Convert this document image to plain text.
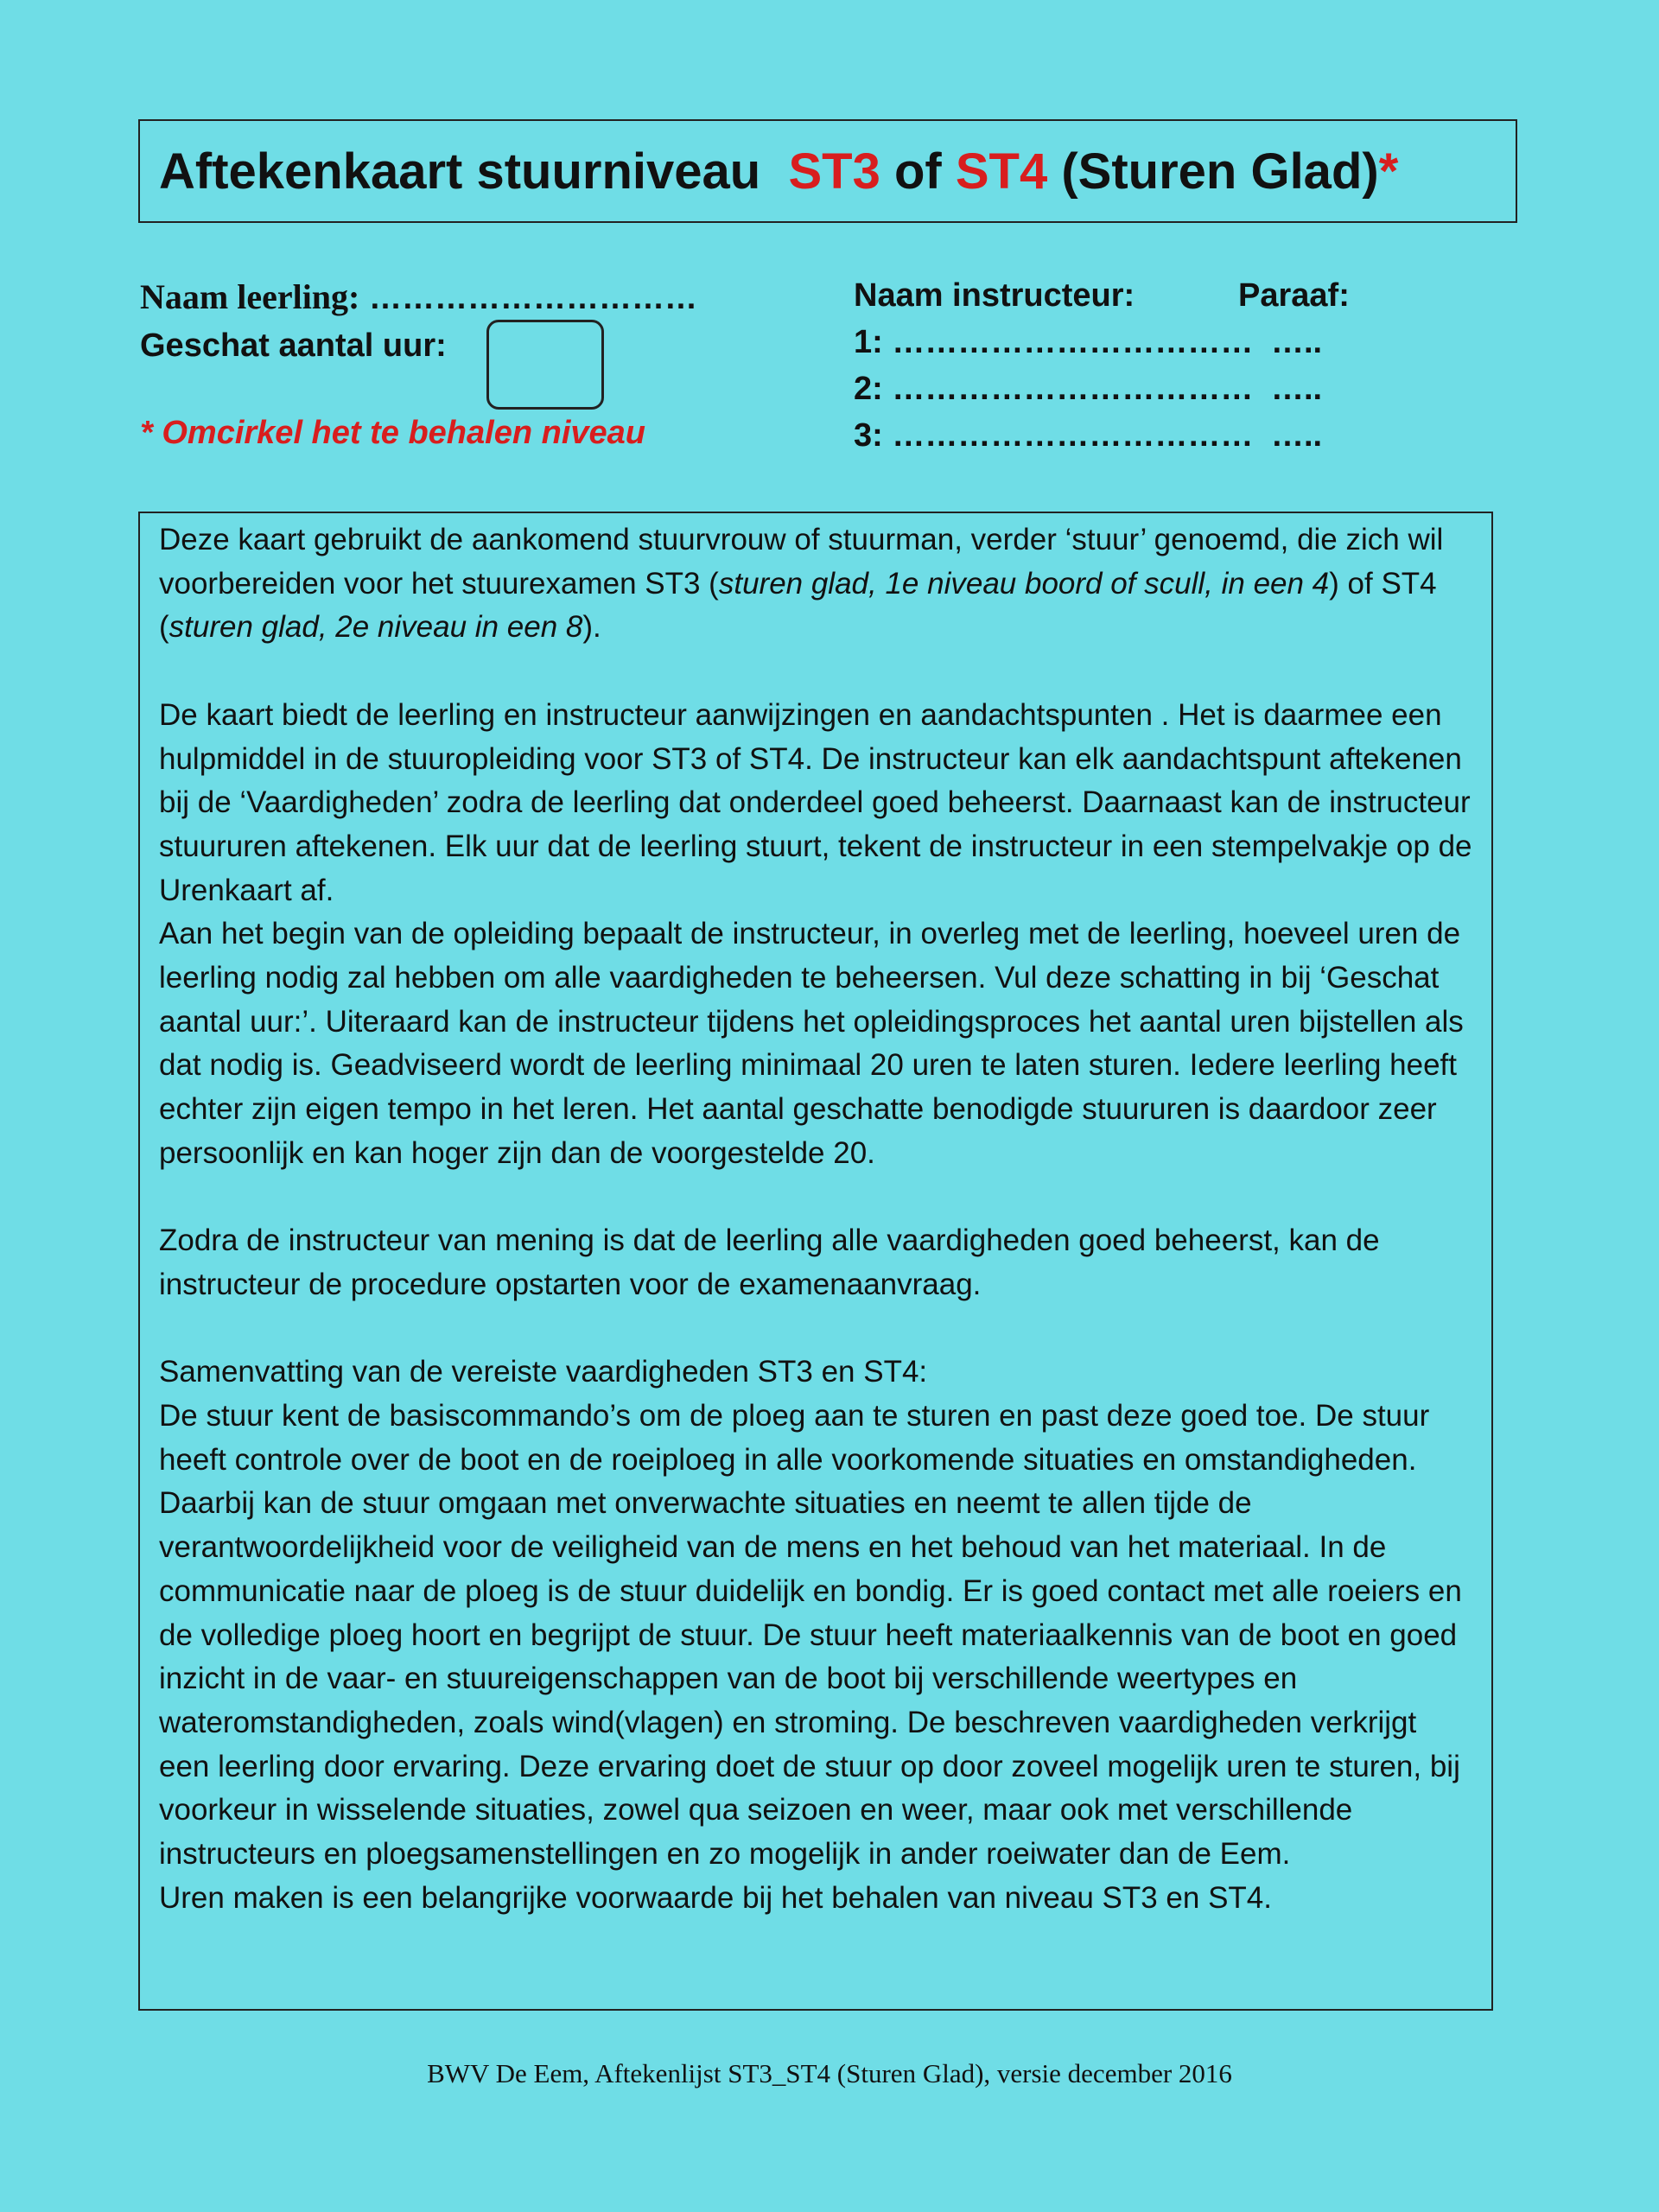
Aftekenkaart stuurniveau
ST3
of
ST4
(Sturen Glad) *
Naam leerling: …………………………
Geschat aantal uur:
* Omcirkel het te behalen niveau
Naam instructeur:	Paraaf:
1: …………………………… …..
2: …………………………… …..
3: …………………………… …..

Deze kaart gebruikt de aankomend stuurvrouw of stuurman, verder ‘stuur’ genoemd, die zich wil voorbereiden voor het stuurexamen ST3 (sturen glad, 1e niveau boord of scull, in een 4) of ST4 (sturen glad, 2e niveau in een 8).

De kaart biedt de leerling en instructeur aanwijzingen en aandachtspunten . Het is daarmee een hulpmiddel in de stuuropleiding voor ST3 of ST4. De instructeur kan elk aandachtspunt aftekenen bij de ‘Vaardigheden’ zodra de leerling dat onderdeel goed beheerst. Daarnaast kan de instructeur stuururen aftekenen. Elk uur dat de leerling stuurt, tekent de instructeur in een stempelvakje op de Urenkaart af.

Aan het begin van de opleiding bepaalt de instructeur, in overleg met de leerling, hoeveel uren de leerling nodig zal hebben om alle vaardigheden te beheersen. Vul deze schatting in bij ‘Geschat aantal uur:’. Uiteraard kan de instructeur tijdens het opleidingsproces het aantal uren bijstellen als dat nodig is. Geadviseerd wordt de leerling minimaal 20 uren te laten sturen. Iedere leerling heeft echter zijn eigen tempo in het leren. Het aantal geschatte benodigde stuururen is daardoor zeer persoonlijk en kan hoger zijn dan de voorgestelde 20.

Zodra de instructeur van mening is dat de leerling alle vaardigheden goed beheerst, kan de instructeur de procedure opstarten voor de examenaanvraag.

Samenvatting van de vereiste vaardigheden ST3 en ST4:

De stuur kent de basiscommando’s om de ploeg aan te sturen en past deze goed toe. De stuur heeft controle over de boot en de roeiploeg in alle voorkomende situaties en omstandigheden. Daarbij kan de stuur omgaan met onverwachte situaties en neemt te allen tijde de verantwoordelijkheid voor de veiligheid van de mens en het behoud van het materiaal. In de communicatie naar de ploeg is de stuur duidelijk en bondig. Er is goed contact met alle roeiers en de volledige ploeg hoort en begrijpt de stuur. De stuur heeft materiaalkennis van de boot en goed inzicht in de vaar- en stuureigenschappen van de boot bij verschillende weertypes en wateromstandigheden, zoals wind(vlagen) en stroming. De beschreven vaardigheden verkrijgt een leerling door ervaring. Deze ervaring doet de stuur op door zoveel mogelijk uren te sturen, bij voorkeur in wisselende situaties, zowel qua seizoen en weer, maar ook met verschillende instructeurs en ploegsamenstellingen en zo mogelijk in ander roeiwater dan de Eem.

Uren maken is een belangrijke voorwaarde bij het behalen van niveau ST3 en ST4.

BWV De Eem, Aftekenlijst ST3_ST4 (Sturen Glad), versie december 2016
